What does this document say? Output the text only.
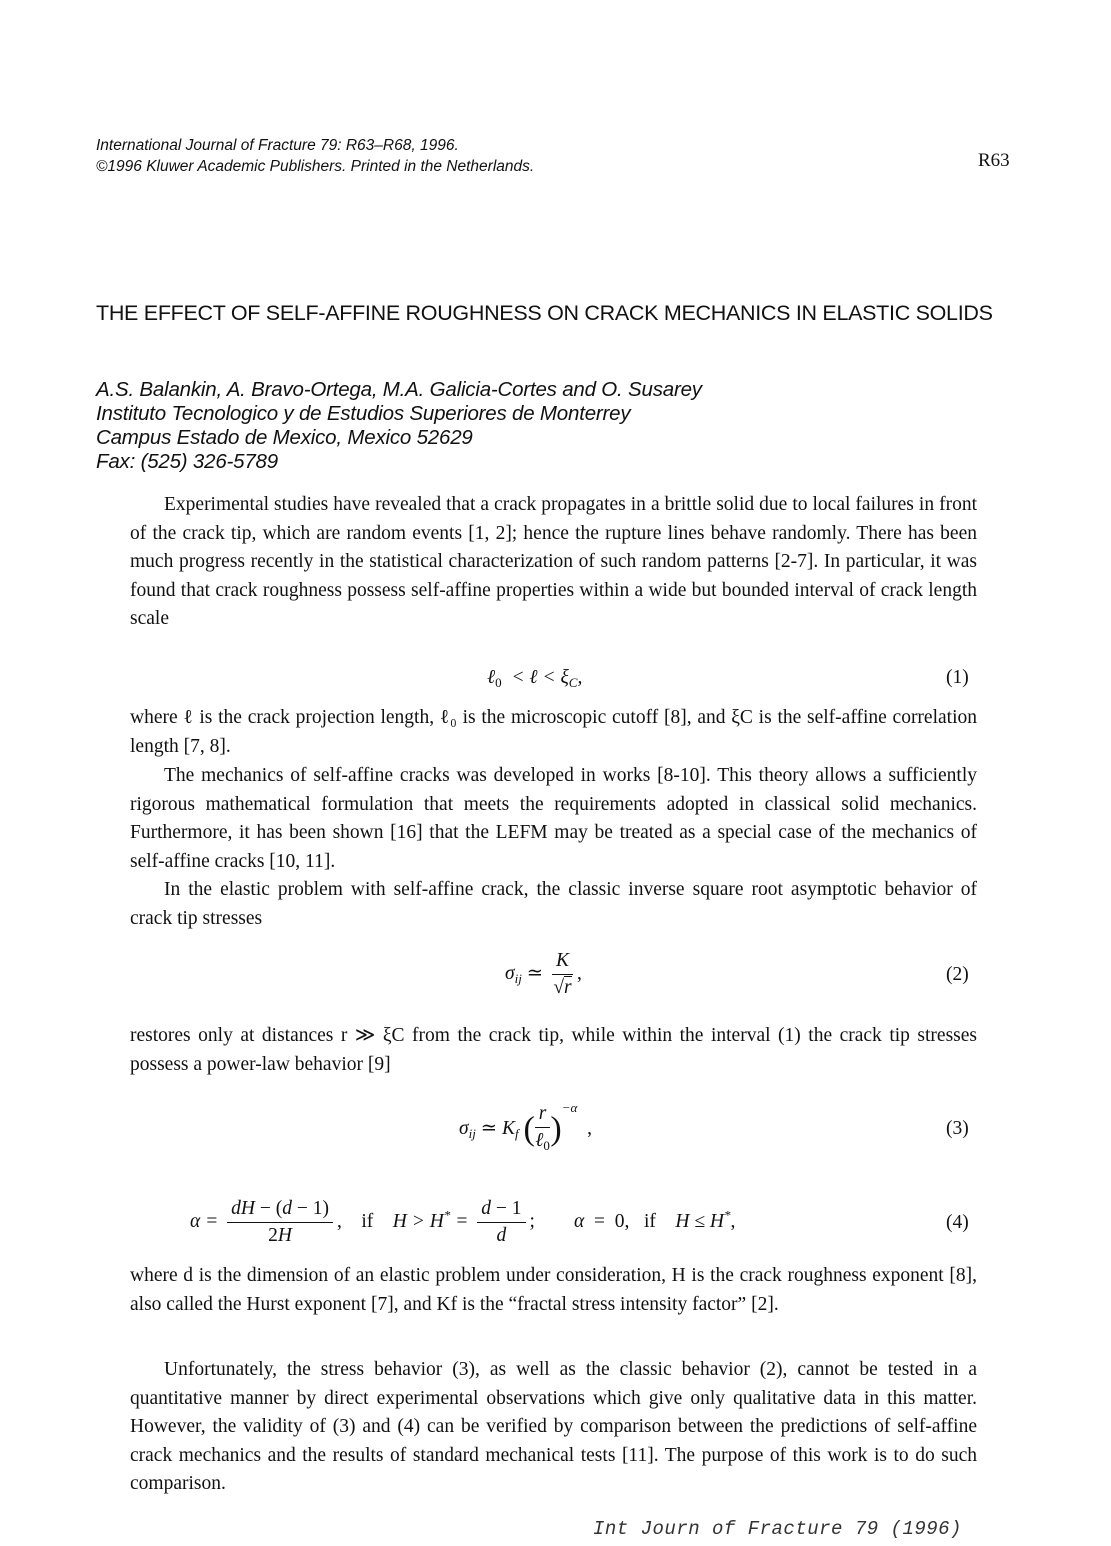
International Journal of Fracture 79: R63–R68, 1996.
©1996 Kluwer Academic Publishers. Printed in the Netherlands.	R63
THE EFFECT OF SELF-AFFINE ROUGHNESS ON CRACK MECHANICS IN ELASTIC SOLIDS
A.S. Balankin, A. Bravo-Ortega, M.A. Galicia-Cortes and O. Susarey
Instituto Tecnologico y de Estudios Superiores de Monterrey
Campus Estado de Mexico, Mexico 52629
Fax: (525) 326-5789

Experimental studies have revealed that a crack propagates in a brittle solid due to local failures in front of the crack tip, which are random events [1, 2]; hence the rupture lines behave randomly. There has been much progress recently in the statistical characterization of such random patterns [2-7]. In particular, it was found that crack roughness possess self-affine properties within a wide but bounded interval of crack length scale

ℓ$_0$  < ℓ < $\xi_C$,	(1)

where ℓ is the crack projection length, ℓ₀ is the microscopic cutoff [8], and ξC is the self-affine correlation length [7, 8].

The mechanics of self-affine cracks was developed in works [8-10]. This theory allows a sufficiently rigorous mathematical formulation that meets the requirements adopted in classical solid mechanics. Furthermore, it has been shown [16] that the LEFM may be treated as a special case of the mechanics of self-affine cracks [10, 11].

In the elastic problem with self-affine crack, the classic inverse square root asymptotic behavior of crack tip stresses

$\sigma_{ij}$ ≃ $\frac{K}{√r}$ ,	(2)

restores only at distances r ≫ ξC from the crack tip, while within the interval (1) the crack tip stresses possess a power-law behavior [9]

$\sigma_{ij}$ ≃ $K_f$ ( $\frac{r}{\ell_0} )^{-\alpha}$  ,	(3)
$\alpha = \frac{dH - (d - 1)}{2H}$ , if    $H > H^* = \frac{d - 1}{d}$ ;        α  = 0, if    H ≤ H*,	(4)

where d is the dimension of an elastic problem under consideration, H is the crack roughness exponent [8], also called the Hurst exponent [7], and Kf is the “fractal stress intensity factor” [2].

Unfortunately, the stress behavior (3), as well as the classic behavior (2), cannot be tested in a quantitative manner by direct experimental observations which give only qualitative data in this matter. However, the validity of (3) and (4) can be verified by comparison between the predictions of self-affine crack mechanics and the results of standard mechanical tests [11]. The purpose of this work is to do such comparison.

Int Journ of Fracture 79 (1996)
